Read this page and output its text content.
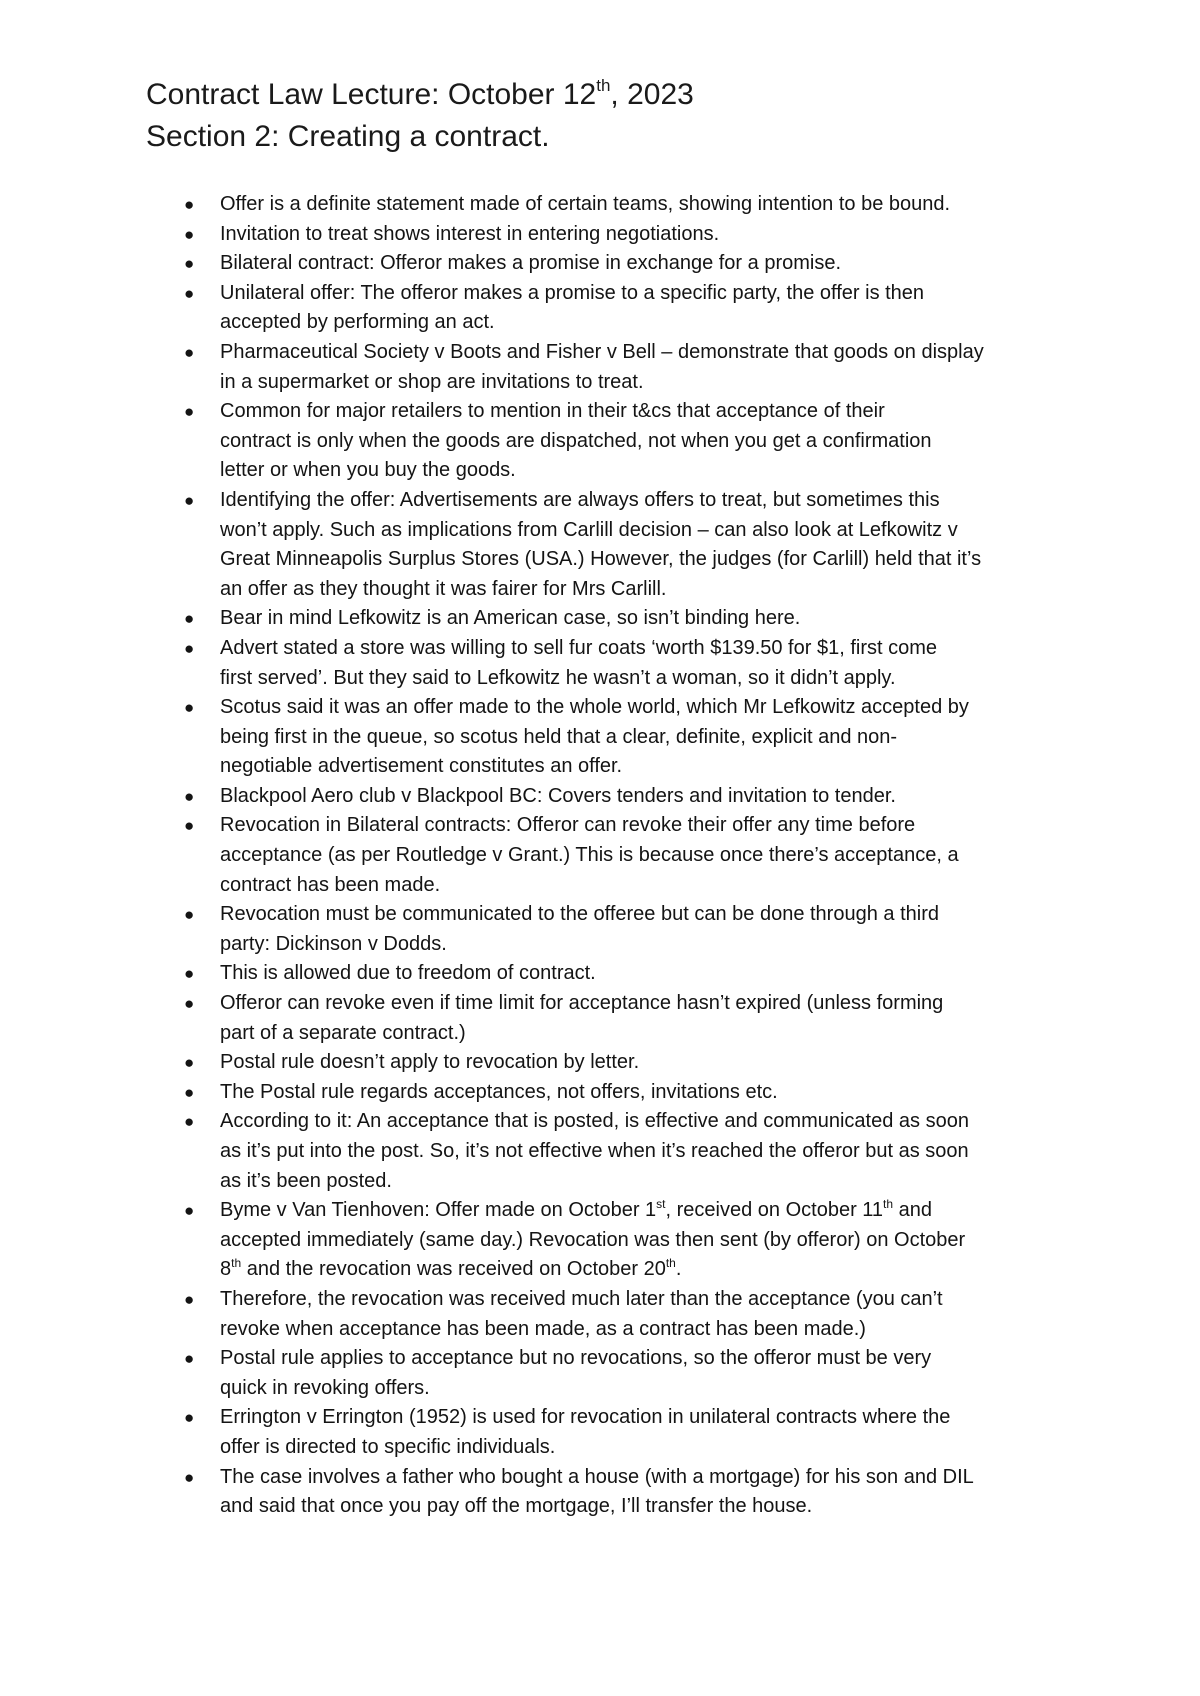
Contract Law Lecture: October 12th, 2023
Section 2: Creating a contract.
● Offer is a definite statement made of certain teams, showing intention to be bound.
● Invitation to treat shows interest in entering negotiations.
● Bilateral contract: Offeror makes a promise in exchange for a promise.
● Unilateral offer: The offeror makes a promise to a specific party, the offer is then
accepted by performing an act.
● Pharmaceutical Society v Boots and Fisher v Bell – demonstrate that goods on display
in a supermarket or shop are invitations to treat.
● Common for major retailers to mention in their t&cs that acceptance of their
contract is only when the goods are dispatched, not when you get a confirmation
letter or when you buy the goods.
● Identifying the offer: Advertisements are always offers to treat, but sometimes this
won’t apply. Such as implications from Carlill decision – can also look at Lefkowitz v
Great Minneapolis Surplus Stores (USA.) However, the judges (for Carlill) held that it’s
an offer as they thought it was fairer for Mrs Carlill.
● Bear in mind Lefkowitz is an American case, so isn’t binding here.
● Advert stated a store was willing to sell fur coats ‘worth $139.50 for $1, first come
first served’. But they said to Lefkowitz he wasn’t a woman, so it didn’t apply.
● Scotus said it was an offer made to the whole world, which Mr Lefkowitz accepted by
being first in the queue, so scotus held that a clear, definite, explicit and non-
negotiable advertisement constitutes an offer.
● Blackpool Aero club v Blackpool BC: Covers tenders and invitation to tender.
● Revocation in Bilateral contracts: Offeror can revoke their offer any time before
acceptance (as per Routledge v Grant.) This is because once there’s acceptance, a
contract has been made.
● Revocation must be communicated to the offeree but can be done through a third
party: Dickinson v Dodds.
● This is allowed due to freedom of contract.
● Offeror can revoke even if time limit for acceptance hasn’t expired (unless forming
part of a separate contract.)
● Postal rule doesn’t apply to revocation by letter.
● The Postal rule regards acceptances, not offers, invitations etc.
● According to it: An acceptance that is posted, is effective and communicated as soon
as it’s put into the post. So, it’s not effective when it’s reached the offeror but as soon
as it’s been posted.
● Byme v Van Tienhoven: Offer made on October 1st, received on October 11th and
accepted immediately (same day.) Revocation was then sent (by offeror) on October
8th and the revocation was received on October 20th.
● Therefore, the revocation was received much later than the acceptance (you can’t
revoke when acceptance has been made, as a contract has been made.)
● Postal rule applies to acceptance but no revocations, so the offeror must be very
quick in revoking offers.
● Errington v Errington (1952) is used for revocation in unilateral contracts where the
offer is directed to specific individuals.
● The case involves a father who bought a house (with a mortgage) for his son and DIL
and said that once you pay off the mortgage, I’ll transfer the house.
